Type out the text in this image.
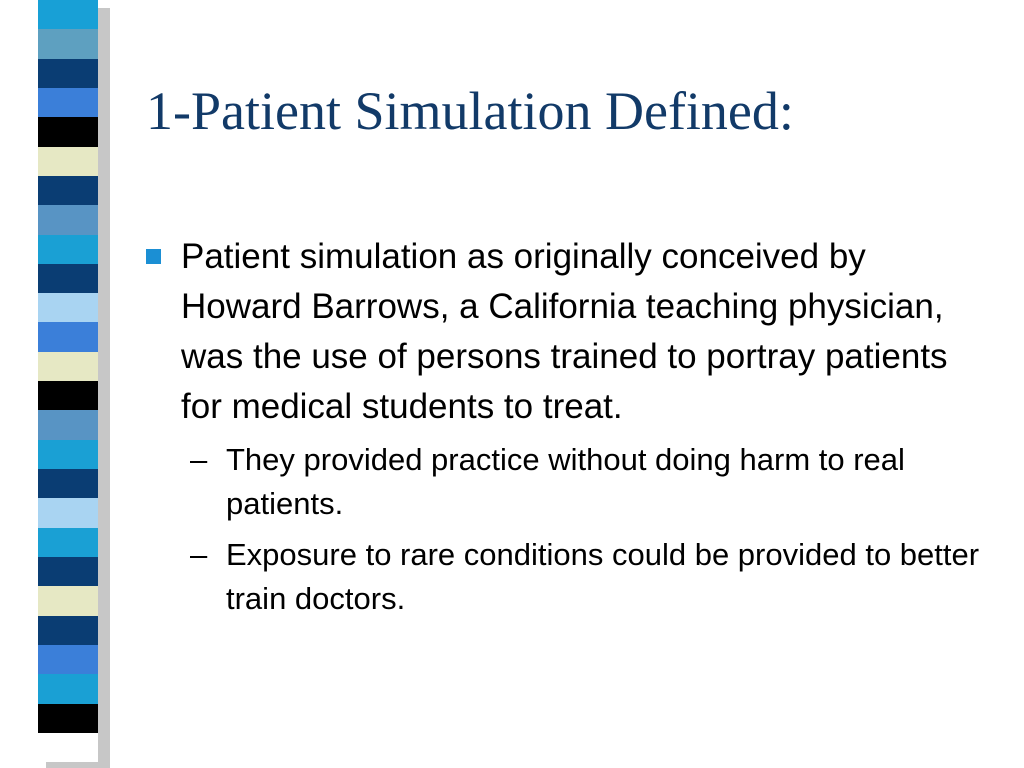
1-Patient Simulation Defined:
Patient simulation as originally conceived by Howard Barrows, a California teaching physician, was the use of persons trained to portray patients for medical students to treat.
– They provided practice without doing harm to real patients.
– Exposure to rare conditions could be provided to better train doctors.
